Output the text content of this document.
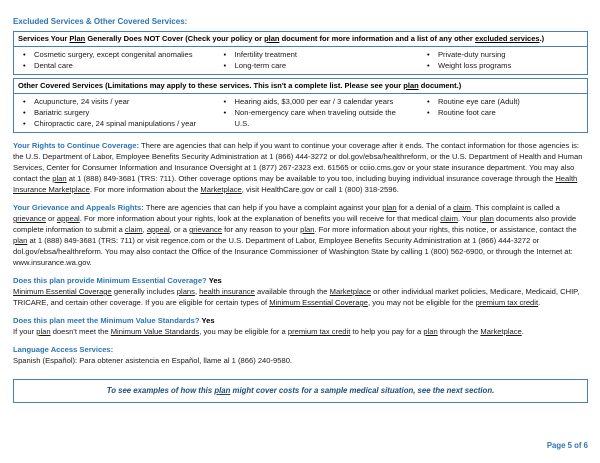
Excluded Services & Other Covered Services:
Services Your Plan Generally Does NOT Cover (Check your policy or plan document for more information and a list of any other excluded services.)
•
Cosmetic surgery, except congenital anomalies
•
Dental care
•
Infertility treatment
•
Long-term care
•
Private-duty nursing
•
Weight loss programs
Other Covered Services (Limitations may apply to these services. This isn't a complete list. Please see your plan document.)
•
Acupuncture, 24 visits / year
•
Bariatric surgery
•
Chiropractic care, 24 spinal manipulations / year
•
Hearing aids, $3,000 per ear / 3 calendar years
•
Non-emergency care when traveling outside the U.S.
•
Routine eye care (Adult)
•
Routine foot care
Your Rights to Continue Coverage: There are agencies that can help if you want to continue your coverage after it ends. The contact information for those agencies is: the U.S. Department of Labor, Employee Benefits Security Administration at 1 (866) 444-3272 or dol.gov/ebsa/healthreform, or the U.S. Department of Health and Human Services, Center for Consumer Information and Insurance Oversight at 1 (877) 267-2323 ext. 61565 or cciio.cms.gov or your state insurance department. You may also contact the plan at 1 (888) 849-3681 (TRS: 711). Other coverage options may be available to you too, including buying individual insurance coverage through the Health Insurance Marketplace. For more information about the Marketplace, visit HealthCare.gov or call 1 (800) 318-2596.
Your Grievance and Appeals Rights: There are agencies that can help if you have a complaint against your plan for a denial of a claim. This complaint is called a grievance or appeal. For more information about your rights, look at the explanation of benefits you will receive for that medical claim. Your plan documents also provide complete information to submit a claim, appeal, or a grievance for any reason to your plan. For more information about your rights, this notice, or assistance, contact the plan at 1 (888) 849-3681 (TRS: 711) or visit regence.com or the U.S. Department of Labor, Employee Benefits Security Administration at 1 (866) 444-3272 or dol.gov/ebsa/healthreform. You may also contact the Office of the Insurance Commissioner of Washington State by calling 1 (800) 562-6900, or through the Internet at: www.insurance.wa.gov.
Does this plan provide Minimum Essential Coverage? Yes
Minimum Essential Coverage generally includes plans, health insurance available through the Marketplace or other individual market policies, Medicare, Medicaid, CHIP, TRICARE, and certain other coverage. If you are eligible for certain types of Minimum Essential Coverage, you may not be eligible for the premium tax credit.
Does this plan meet the Minimum Value Standards? Yes
If your plan doesn't meet the Minimum Value Standards, you may be eligible for a premium tax credit to help you pay for a plan through the Marketplace.
Language Access Services:
Spanish (Español): Para obtener asistencia en Español, llame al 1 (866) 240-9580.
To see examples of how this plan might cover costs for a sample medical situation, see the next section.
Page 5 of 6
